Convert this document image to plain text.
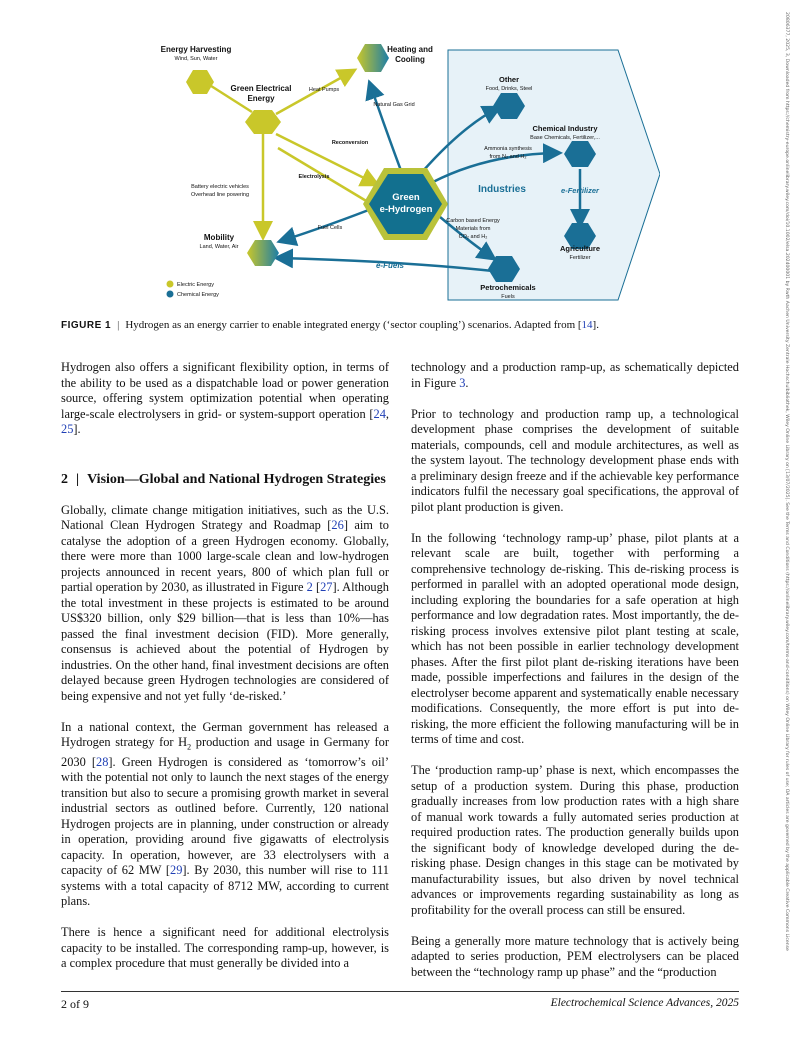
20806377, 2025, 3, Downloaded from https://chemistry-europe.onlinelibrary.wiley.com/doi/10.1002/elsa.202400001 by Rwth Aachen University Zentrale Hochschulbibliothek, Wiley Online Library on [13/07/2025]. See the Terms and Conditions (https://onlinelibrary.wiley.com/terms-and-conditions) on Wiley Online Library for rules of use; OA articles are governed by the applicable Creative Commons License
Energy Harvesting
Wind, Sun, Water
Heating and
Cooling
Green Electrical
Energy
Heat Pumps
Natural Gas Grid
Reconversion
Electrolysis
Battery electric vehicles
Overhead line powering
Fuel Cells
Mobility
Land, Water, Air
Green
e-Hydrogen
e-Fuels
Other
Food, Drinks, Steel
Chemical Industry
Base Chemicals, Fertilizer,...
Ammonia synthesis
from N₂ and H₂
Industries	e-Fertilizer
Carbon based Energy
Materials from
CO₂ and H₂
Agriculture
Fertilizer
Petrochemicals
Fuels
Electric Energy
Chemical Energy
FIGURE 1 | Hydrogen as an energy carrier to enable integrated energy (‘sector coupling’) scenarios. Adapted from [14].

Hydrogen also offers a significant flexibility option, in terms of the ability to be used as a dispatchable load or power generation source, offering system optimization potential when operating large-scale electrolysers in grid- or system-support operation [24, 25].

2 | Vision—Global and National Hydrogen Strategies

Globally, climate change mitigation initiatives, such as the U.S. National Clean Hydrogen Strategy and Roadmap [26] aim to catalyse the adoption of a green Hydrogen economy. Globally, there were more than 1000 large-scale clean and low-hydrogen projects announced in recent years, 800 of which plan full or partial operation by 2030, as illustrated in Figure 2 [27]. Although the total investment in these projects is estimated to be around US$320 billion, only $29 billion—that is less than 10%—has passed the final investment decision (FID). More generally, consensus is achieved about the potential of Hydrogen by industries. On the other hand, final investment decisions are often delayed because green Hydrogen technologies are considered of being expensive and not yet fully ‘de-risked.’

In a national context, the German government has released a Hydrogen strategy for $H_2$ production and usage in Germany for 2030 [28]. Green Hydrogen is considered as ‘tomorrow’s oil’ with the potential not only to launch the next stages of the energy transition but also to secure a promising growth market in several industrial sectors as outlined before. Currently, 120 national Hydrogen projects are in planning, under construction or already in operation, providing around five gigawatts of electrolysis capacity. In operation, however, are 33 electrolysers with a capacity of 62 MW [29]. By 2030, this number will rise to 111 systems with a total capacity of 8712 MW, according to current plans.

There is hence a significant need for additional electrolysis capacity to be installed. The corresponding ramp-up, however, is a complex procedure that must generally be divided into a

technology and a production ramp-up, as schematically depicted in Figure 3.

Prior to technology and production ramp up, a technological development phase comprises the development of suitable materials, compounds, cell and module architectures, as well as the system layout. The technology development phase ends with a preliminary design freeze and if the achievable key performance indicators fulfil the necessary goal specifications, the approval of pilot plant production is given.

In the following ‘technology ramp-up’ phase, pilot plants at a relevant scale are built, together with performing a comprehensive technology de-risking. This de-risking process is performed in parallel with an adopted operational mode design, including exploring the boundaries for a safe operation at high performance and low degradation rates. Most importantly, the de-risking process involves extensive pilot plant testing at scale, which has not been possible in earlier technology development phases. After the first pilot plant de-risking iterations have been made, possible imperfections and failures in the design of the electrolyser become apparent and systematically enable necessary modifications. Consequently, the more effort is put into de-risking, the more efficient the following manufacturing will be in terms of time and cost.

The ‘production ramp-up’ phase is next, which encompasses the setup of a production system. During this phase, production gradually increases from low production rates with a high share of manual work towards a fully automated series production at required production rates. The production generally builds upon the significant body of knowledge developed during the de-risking phase. Design changes in this stage can be motivated by manufacturability issues, but also driven by novel technical advances or improvements regarding sustainability as long as profitability for the overall process can still be ensured.

Being a generally more mature technology that is actively being adapted to series production, PEM electrolysers can be placed between the “technology ramp up phase” and the “production

2 of 9	Electrochemical Science Advances, 2025
